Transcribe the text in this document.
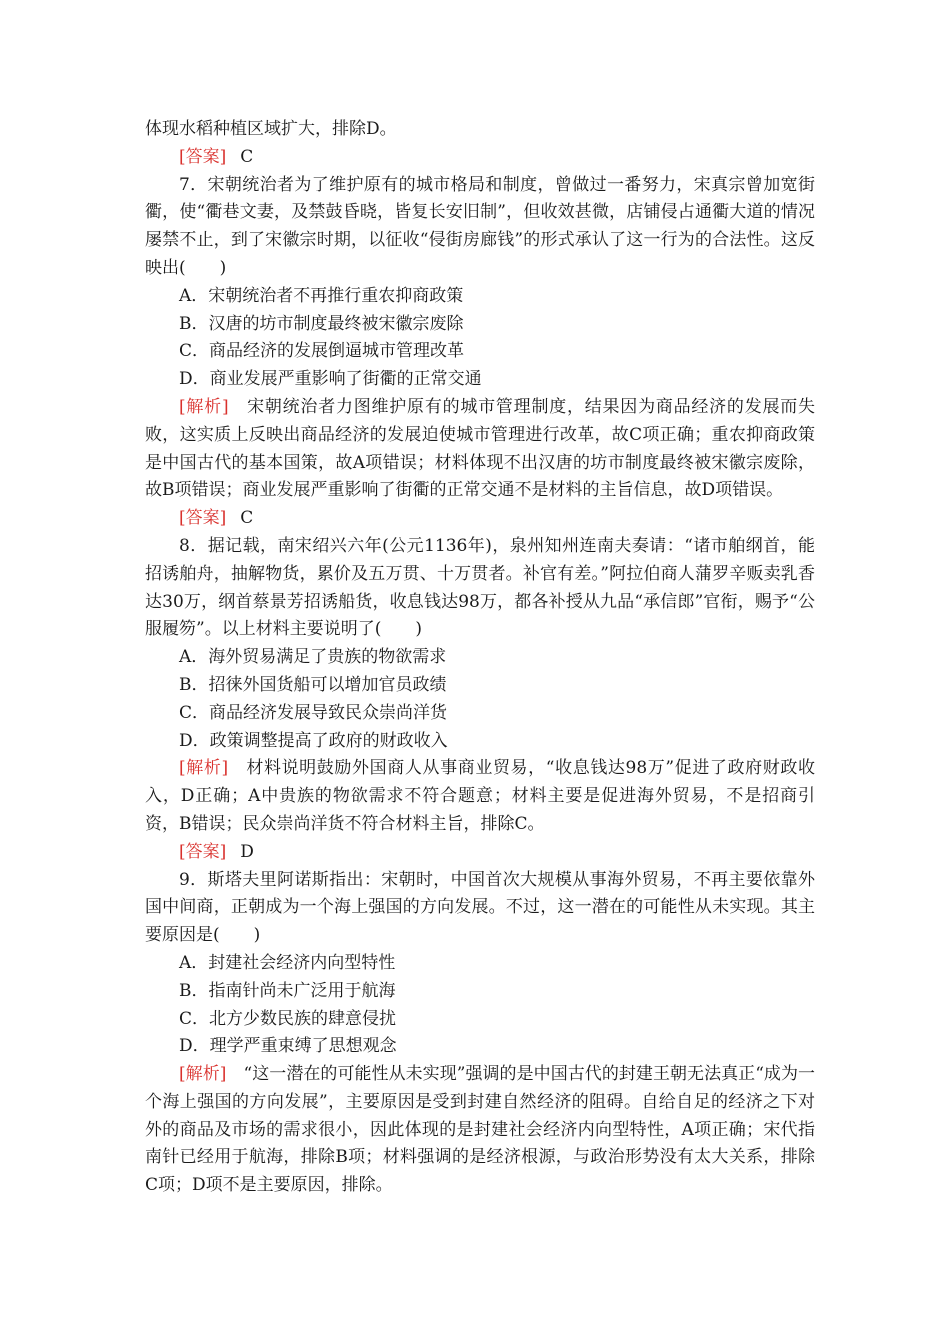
体现水稻种植区域扩大，排除D。

[答案] C

7．宋朝统治者为了维护原有的城市格局和制度，曾做过一番努力，宋真宗曾加宽街衢，使“衢巷文妻，及禁鼓昏晓，皆复长安旧制”，但收效甚微，店铺侵占通衢大道的情况屡禁不止，到了宋徽宗时期，以征收“侵街房廊钱”的形式承认了这一行为的合法性。这反映出(　　)

A．宋朝统治者不再推行重农抑商政策

B．汉唐的坊市制度最终被宋徽宗废除

C．商品经济的发展倒逼城市管理改革

D．商业发展严重影响了街衢的正常交通

[解析]　 宋朝统治者力图维护原有的城市管理制度，结果因为商品经济的发展而失败，这实质上反映出商品经济的发展迫使城市管理进行改革，故C项正确；重农抑商政策是中国古代的基本国策，故A项错误；材料体现不出汉唐的坊市制度最终被宋徽宗废除，故B项错误；商业发展严重影响了街衢的正常交通不是材料的主旨信息，故D项错误。

[答案] C

8．据记载，南宋绍兴六年(公元1136年)，泉州知州连南夫奏请：“诸市舶纲首，能招诱舶舟，抽解物货，累价及五万贯、十万贯者。补官有差。”阿拉伯商人蒲罗辛贩卖乳香达30万，纲首蔡景芳招诱船货，收息钱达98万，都各补授从九品“承信郎”官衔，赐予“公服履笏”。以上材料主要说明了(　　)

A．海外贸易满足了贵族的物欲需求

B．招徕外国货船可以增加官员政绩

C．商品经济发展导致民众崇尚洋货

D．政策调整提高了政府的财政收入

[解析]　 材料说明鼓励外国商人从事商业贸易，“收息钱达98万”促进了政府财政收入，D正确；A中贵族的物欲需求不符合题意；材料主要是促进海外贸易，不是招商引资，B错误；民众崇尚洋货不符合材料主旨，排除C。

[答案] D

9．斯塔夫里阿诺斯指出：宋朝时，中国首次大规模从事海外贸易，不再主要依靠外国中间商，正朝成为一个海上强国的方向发展。不过，这一潜在的可能性从未实现。其主要原因是(　　)

A．封建社会经济内向型特性

B．指南针尚未广泛用于航海

C．北方少数民族的肆意侵扰

D．理学严重束缚了思想观念

[解析]　 “这一潜在的可能性从未实现”强调的是中国古代的封建王朝无法真正“成为一个海上强国的方向发展”，主要原因是受到封建自然经济的阻碍。自给自足的经济之下对外的商品及市场的需求很小，因此体现的是封建社会经济内向型特性，A项正确；宋代指南针已经用于航海，排除B项；材料强调的是经济根源，与政治形势没有太大关系，排除C项；D项不是主要原因，排除。
